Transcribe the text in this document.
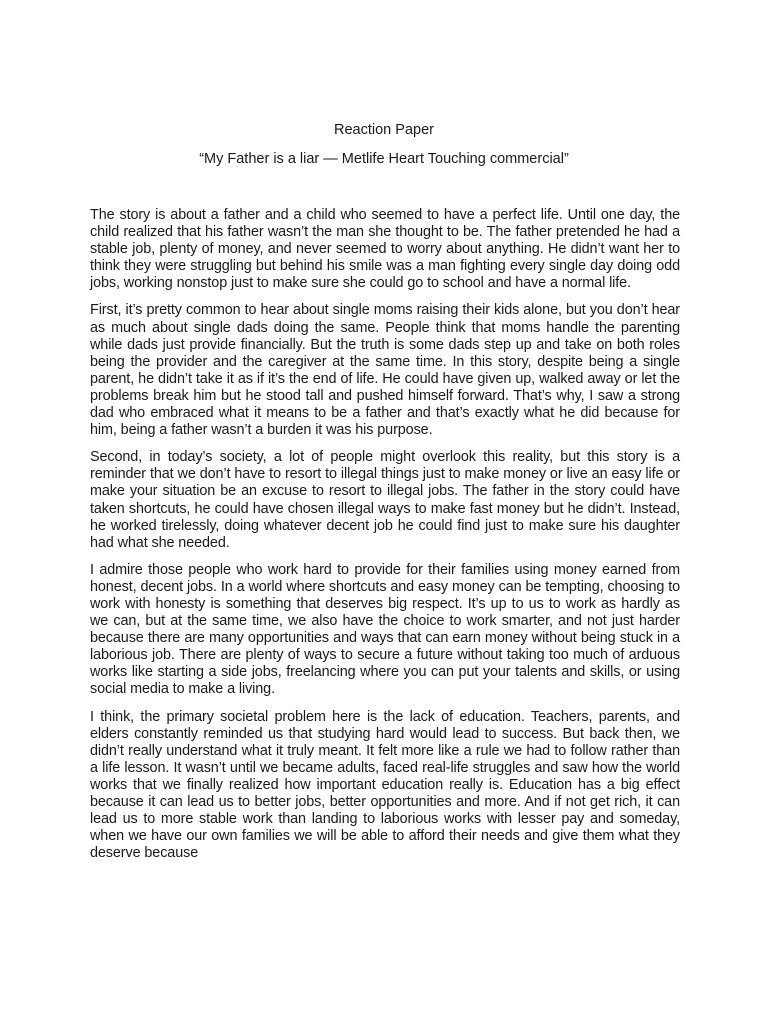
Reaction Paper

“My Father is a liar — Metlife Heart Touching commercial”

The story is about a father and a child who seemed to have a perfect life. Until one day, the child realized that his father wasn’t the man she thought to be. The father pretended he had a stable job, plenty of money, and never seemed to worry about anything. He didn’t want her to think they were struggling but behind his smile was a man fighting every single day doing odd jobs, working nonstop just to make sure she could go to school and have a normal life.

First, it’s pretty common to hear about single moms raising their kids alone, but you don’t hear as much about single dads doing the same. People think that moms handle the parenting while dads just provide financially. But the truth is some dads step up and take on both roles being the provider and the caregiver at the same time. In this story, despite being a single parent, he didn’t take it as if it’s the end of life. He could have given up, walked away or let the problems break him but he stood tall and pushed himself forward. That’s why, I saw a strong dad who embraced what it means to be a father and that’s exactly what he did because for him, being a father wasn’t a burden it was his purpose.

Second, in today’s society, a lot of people might overlook this reality, but this story is a reminder that we don’t have to resort to illegal things just to make money or live an easy life or make your situation be an excuse to resort to illegal jobs. The father in the story could have taken shortcuts, he could have chosen illegal ways to make fast money but he didn’t. Instead, he worked tirelessly, doing whatever decent job he could find just to make sure his daughter had what she needed.

I admire those people who work hard to provide for their families using money earned from honest, decent jobs. In a world where shortcuts and easy money can be tempting, choosing to work with honesty is something that deserves big respect. It’s up to us to work as hardly as we can, but at the same time, we also have the choice to work smarter, and not just harder because there are many opportunities and ways that can earn money without being stuck in a laborious job. There are plenty of ways to secure a future without taking too much of arduous works like starting a side jobs, freelancing where you can put your talents and skills, or using social media to make a living.

I think, the primary societal problem here is the lack of education. Teachers, parents, and elders constantly reminded us that studying hard would lead to success. But back then, we didn’t really understand what it truly meant. It felt more like a rule we had to follow rather than a life lesson. It wasn’t until we became adults, faced real-life struggles and saw how the world works that we finally realized how important education really is. Education has a big effect because it can lead us to better jobs, better opportunities and more. And if not get rich, it can lead us to more stable work than landing to laborious works with lesser pay and someday, when we have our own families we will be able to afford their needs and give them what they deserve because
